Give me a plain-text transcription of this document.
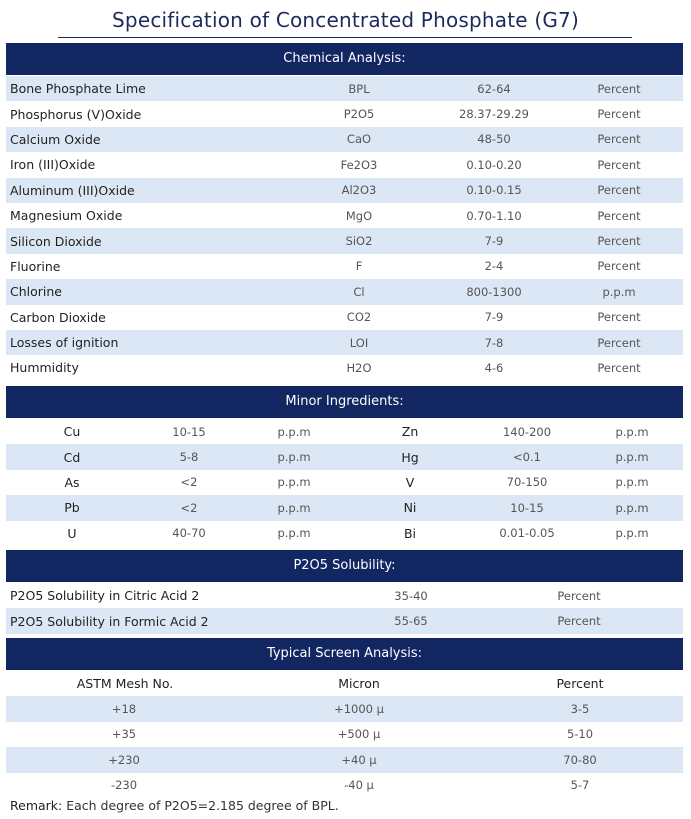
Specification of Concentrated Phosphate (G7)
Chemical Analysis:
Bone Phosphate Lime	BPL	62-64	Percent
Phosphorus (V)Oxide	P2O5	28.37-29.29	Percent
Calcium Oxide	CaO	48-50	Percent
Iron (III)Oxide	Fe2O3	0.10-0.20	Percent
Aluminum (III)Oxide	Al2O3	0.10-0.15	Percent
Magnesium Oxide	MgO	0.70-1.10	Percent
Silicon Dioxide	SiO2	7-9	Percent
Fluorine	F	2-4	Percent
Chlorine	Cl	800-1300	p.p.m
Carbon Dioxide	CO2	7-9	Percent
Losses of ignition	LOI	7-8	Percent
Hummidity	H2O	4-6	Percent
Minor Ingredients:
Cu	10-15	p.p.m	Zn	140-200	p.p.m
Cd	5-8	p.p.m	Hg	<0.1	p.p.m
As	<2	p.p.m	V	70-150	p.p.m
Pb	<2	p.p.m	Ni	10-15	p.p.m
U	40-70	p.p.m	Bi	0.01-0.05	p.p.m
P2O5 Solubility:
P2O5 Solubility in Citric Acid 2	35-40	Percent
P2O5 Solubility in Formic Acid 2	55-65	Percent
Typical Screen Analysis:
ASTM Mesh No.	Micron	Percent
+18	+1000 μ	3-5
+35	+500 μ	5-10
+230	+40 μ	70-80
-230	-40 μ	5-7
Remark: Each degree of P2O5=2.185 degree of BPL.
